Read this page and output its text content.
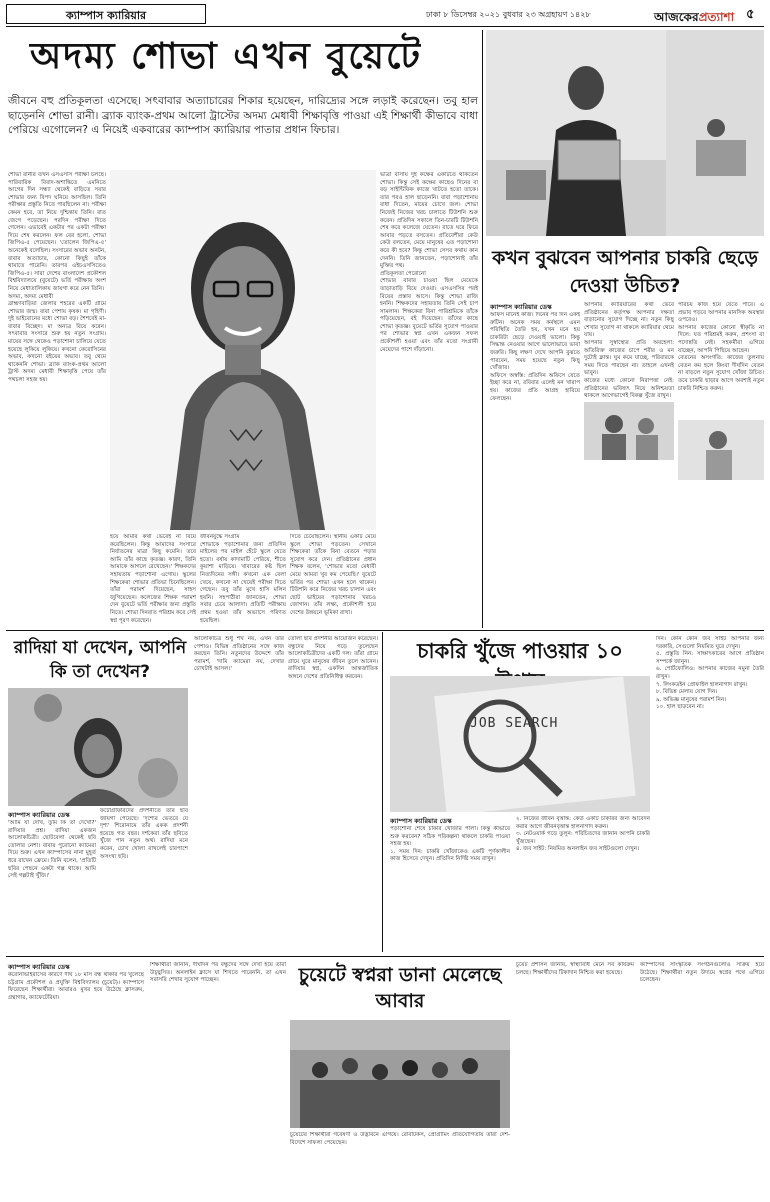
ক্যাম্পাস ক্যারিয়ার	ঢাকা ৮ ডিসেম্বর ২০২১ বুধবার ২৩ অগ্রহায়ণ ১৪২৮	আজকেরপ্রত্যাশা ৫
অদম্য শোভা এখন বুয়েটে
জীবনে বহু প্রতিকূলতা এসেছে। সৎবাবার অত্যাচারের শিকার হয়েছেন, দারিদ্র্যের সঙ্গে লড়াই করেছেন। তবু হাল ছাড়েননি শোভা রানী। ব্র্যাক ব্যাংক-প্রথম আলো ট্রাস্টের অদম্য মেধাবী শিক্ষাবৃত্তি পাওয়া এই শিক্ষার্থী কীভাবে বাধা পেরিয়ে এগোলেন? এ নিয়েই একবারের ক্যাম্পাস ক্যারিয়ার পাতার প্রধান ফিচার।
শোভা রানীর তখন এসএসসি পরীক্ষা চলছে। পারিবারিক বিবাদ-অশান্তিতে এমনিতে আগের দিন সন্ধ্যা থেকেই বাড়িতে সবার শোভার জন্য বিপদ ঘনিয়ে আসছিল। তিনি পরীক্ষার প্রস্তুতি নিতে পারছিলেন না। পরীক্ষা কেমন হবে, তা নিয়ে দুশ্চিন্তায় তিনি। রাত জেগে পড়েছেন। পরদিন পরীক্ষা দিতে গেলেন। এভাবেই একটার পর একটা পরীক্ষা দিয়ে শেষ করলেন। ফল বের হলো, শোভা জিপিএ-৫ পেয়েছেন। 'তোলেন জিপিএ-৫' অনেকেই বলেছিল। সংসারের অভাব অনটন, বাবার অত্যাচার, কোনো কিছুই তাঁকে থামাতে পারেনি। তারপর এইচএসসিতেও জিপিএ-৫। সারা দেশের বাংলাদেশ প্রকৌশল বিশ্ববিদ্যালয়ে (বুয়েটে) ভর্তি পরীক্ষায় অংশ নিয়ে মেধাতালিকায় জায়গা করে নেন তিনি।
অদম্য, অদম্য মেধাবী
ব্রাহ্মণবাড়িয়া জেলার শহরের একটি গ্রামে শোভার জন্ম। বাবা পেশায় কৃষক। মা গৃহিণী। দুই ভাইবোনের মধ্যে শোভা বড়। শৈশবেই মা-বাবার বিচ্ছেদ। মা অন্যত্র বিয়ে করেন। সৎবাবার সংসারে শুরু হয় নতুন সংগ্রাম। মায়ের সঙ্গে থেকেও পড়াশোনা চালিয়ে যেতে হয়েছে লুকিয়ে লুকিয়ে। কখনো কেরোসিনের অভাব, কখনো বইয়ের অভাব। তবু থেমে থাকেননি শোভা। ব্র্যাক ব্যাংক-প্রথম আলো ট্রাস্ট অদম্য মেধাবী শিক্ষাবৃত্তি পেয়ে তাঁর পথচলা সহজ হয়।
ভাত্রা বাসায় দুই কক্ষের একটিতে থাকতেন শোভা। কিন্তু সেই কক্ষের কাছেও দিনের বা বড় সাইন্টিফিক কাজে খাটতে হতো তাকে। তার পরও হাল ছাড়েননি। বাবা পড়াশোনায় বাধা দিতেন, মায়ের চোখে জল। শোভা নিজেই নিজের খরচ চালাতে টিউশনি শুরু করেন। প্রতিদিন সকালে তিন-চারটি টিউশনি শেষ করে কলেজে যেতেন। রাতে ঘরে ফিরে আবার পড়তে বসতেন। প্রতিবেশীরা কেউ কেউ বলতেন, মেয়ে মানুষের এত পড়াশোনা করে কী হবে? কিন্তু শোভা সেসব কথায় কান দেননি। তিনি জানতেন, পড়াশোনাই তাঁর মুক্তির পথ।
প্রতিকূলতা পেরোনো
শোভার বাবার চাওয়া ছিল মেয়েকে তাড়াতাড়ি বিয়ে দেওয়া। এসএসসির পরই বিয়ের প্রস্তাব আসে। কিন্তু শোভা রাজি হননি। শিক্ষকদের সহায়তায় তিনি সেই চাপ সামলান। শিক্ষকেরা বিনা পারিশ্রমিকে তাঁকে পড়িয়েছেন, বই দিয়েছেন। তাঁদের কাছে শোভা কৃতজ্ঞ। বুয়েটে ভর্তির সুযোগ পাওয়ার পর শোভার স্বপ্ন এখন একজন সফল প্রকৌশলী হওয়া এবং তাঁর মতো সংগ্রামী মেয়েদের পাশে দাঁড়ানো।
হয়ে আমার কথা ভেবেই না বিয়ে করেছিলেন। কিন্তু আমাদের সংসারে নির্যাতনের মাত্রা কিছু কমেনি। তবে আমি তাঁর কাছে কৃতজ্ঞ। কারণ, তিনি আমাকে আগলে রেখেছেন।' শিক্ষকদের সহায়তায় পড়াশোনা এগোয়। স্কুলের শিক্ষকেরা শোভার প্রতিভা চিনেছিলেন। তাঁরা পরামর্শ দিয়েছেন, সাহস জুগিয়েছেন। কলেজের শিক্ষক পরামর্শ দেন বুয়েটে ভর্তি পরীক্ষার জন্য প্রস্তুতি নিতে। শোভা দিনরাত পরিশ্রম করে সেই স্বপ্ন পূরণ করেছেন।
জীবনযুদ্ধে সংগ্রাম
শোভাকে পড়াশোনার জন্য প্রতিদিন মাইলের পর মাইল হেঁটে স্কুলে যেতে হতো। বর্ষায় কাদামাটি পেরিয়ে, শীতে কুয়াশা মাড়িয়ে। খাবারের কষ্ট ছিল নিত্যদিনের সঙ্গী। কখনো এক বেলা খেয়ে, কখনো না খেয়েই পরীক্ষা দিতে গেছেন। তবু তাঁর মুখে হাসি মলিন হয়নি। সহপাঠীরা জানতেন, শোভা সবার চেয়ে আলাদা। প্রতিটি পরীক্ষায় প্রথম হওয়া তাঁর অভ্যাসে পরিণত হয়েছিল।
দিতে চেয়েছিলেন। স্থানীয় একটি মেয়ে স্কুলে শোভা পড়তেন। সেখানে শিক্ষকেরা তাঁকে বিনা বেতনে পড়ার সুযোগ করে দেন। প্রতিষ্ঠানের প্রধান শিক্ষক বলেন, 'শোভার মতো মেধাবী মেয়ে আমরা খুব কম পেয়েছি।' বুয়েটে ভর্তির পর শোভা এখন হলে থাকেন। টিউশনি করে নিজের খরচ চালান এবং ছোট ভাইয়ের পড়াশোনার খরচও জোগান। তাঁর লক্ষ্য, প্রকৌশলী হয়ে দেশের উন্নয়নে ভূমিকা রাখা।
কখন বুঝবেন আপনার চাকরি ছেড়ে দেওয়া উচিত?
ক্যাম্পাস ক্যারিয়ার ডেস্ক
অফিস মানেই কাজ। দিনের পর দিন একই রুটিন। অনেক সময় কর্মস্থলে এমন পরিস্থিতি তৈরি হয়, যখন মনে হয় চাকরিটা ছেড়ে দেওয়াই ভালো। কিন্তু সিদ্ধান্ত নেওয়ার আগে ভালোভাবে ভাবা জরুরি। কিছু লক্ষণ দেখে আপনি বুঝতে পারবেন, সময় হয়েছে নতুন কিছু খোঁজার।
অফিসে অস্বস্তি: প্রতিদিন অফিসে যেতে ইচ্ছা করে না, রবিবার এলেই মন খারাপ হয়। কাজের প্রতি আগ্রহ হারিয়ে ফেলছেন।
আপনার ক্যারিয়ারের কথা ভেবে প্রতিষ্ঠানের কর্তৃপক্ষ আপনার দক্ষতা বাড়ানোর সুযোগ দিচ্ছে না। নতুন কিছু শেখার সুযোগ না থাকলে ক্যারিয়ার থেমে যায়।
আপনার সুস্বাস্থ্যের প্রতি অবহেলা: অতিরিক্ত কাজের চাপে শরীর ও মন দুটোই ক্লান্ত। ঘুম কমে যাচ্ছে, পরিবারকে সময় দিতে পারছেন না। তাহলে এখনই ভাবুন।
কাজের মধ্যে কোনো নিরাপত্তা নেই: প্রতিষ্ঠানের ভবিষ্যৎ নিয়ে অনিশ্চয়তা থাকলে আগেভাগেই বিকল্প খুঁজে রাখুন।
পরিচয় কাজ হয়ে যেতে পারে। এ প্রভাব পড়বে আপনার মানসিক অবস্থার ওপরেও।
আপনার কাজের কোনো স্বীকৃতি না দিলে: যত পরিশ্রমই করুন, প্রশংসা বা পদোন্নতি নেই। সহকর্মীরা এগিয়ে যাচ্ছেন, আপনি পিছিয়ে আছেন।
বেতনের অসংগতি: কাজের তুলনায় বেতন কম হলে কিংবা দীর্ঘদিন বেতন না বাড়লে নতুন সুযোগ খোঁজা উচিত। তবে চাকরি ছাড়ার আগে অবশ্যই নতুন চাকরি নিশ্চিত করুন।
রাদিয়া যা দেখেন, আপনি কি তা দেখেন?
ক্যাম্পাস ক্যারিয়ার ডেস্ক
'আমি যা দেখি, তুমি কি তা দেখো?' রাদিয়ার প্রশ্ন। রাদিয়া একজন আলোকচিত্রী। ছোটবেলা থেকেই ছবি তোলার নেশা। বাবার পুরোনো ক্যামেরা দিয়ে শুরু। এখন ক্যাম্পাসের নানা মুহূর্ত ধরে রাখেন ফ্রেমে। তিনি বলেন, 'প্রতিটি ছবির পেছনে একটা গল্প থাকে। আমি সেই গল্পটাই খুঁজি।'
ফটোগ্রাফারদের প্রদর্শনীতে তাঁর ছবি জায়গা পেয়েছে। 'দৃশ্যের ভেতরে যে দৃশ্য' শিরোনামে তাঁর একক প্রদর্শনী হয়েছে গত বছর। দর্শকেরা তাঁর ছবিতে খুঁজে পান নতুন অর্থ। রাদিয়া মনে করেন, চোখ খোলা রাখলেই চারপাশে অসংখ্য ছবি।
আলোকচিত্র শুধু শখ নয়, এখন তাঁর পেশাও। বিভিন্ন প্রতিষ্ঠানের সঙ্গে কাজ করছেন তিনি। নতুনদের উদ্দেশে তাঁর পরামর্শ, 'দামি ক্যামেরা নয়, দেখার চোখটাই আসল।'
তোলা ছবি প্রদর্শনীর আয়োজন করেছেন। বন্ধুদের নিয়ে গড়ে তুলেছেন আলোকচিত্রীদের একটি দল। তাঁরা গ্রামে গ্রামে ঘুরে মানুষের জীবন তুলে আনেন। রাদিয়ার স্বপ্ন, একদিন আন্তর্জাতিক অঙ্গনে দেশের প্রতিনিধিত্ব করবেন।
চাকরি খুঁজে পাওয়ার ১০
JOB SEARCH
ক্যাম্পাস ক্যারিয়ার ডেস্ক
পড়াশোনা শেষে চাকরি খোঁজার পালা। কিন্তু কীভাবে শুরু করবেন? সঠিক পরিকল্পনা থাকলে চাকরি পাওয়া সহজ হয়।
১. সময় দিন: চাকরি খোঁজাকেও একটি পূর্ণকালীন কাজ হিসেবে দেখুন। প্রতিদিন নির্দিষ্ট সময় রাখুন।
২. নিজের জীবন বৃত্তান্ত: কেউ একটি চাকরির জন্য আবেদন করার আগে জীবনবৃত্তান্ত হালনাগাদ করুন।
৩. নেটওয়ার্ক গড়ে তুলুন: পরিচিতদের জানান আপনি চাকরি খুঁজছেন।
৪. জব সাইট: নিয়মিত অনলাইন জব সাইটগুলো দেখুন।
দিন। কোন কোন জব সাইট আপনার জন্য দরকারি, সেগুলো নিয়মিত ঘুরে দেখুন।
৫. প্রস্তুতি নিন: সাক্ষাৎকারের আগে প্রতিষ্ঠান সম্পর্কে জানুন।
৬. পোর্টফোলিও: আপনার কাজের নমুনা তৈরি রাখুন।
৭. লিংকডইন প্রোফাইল হালনাগাদ রাখুন।
৮. বিভিন্ন মেলায় যোগ দিন।
৯. অভিজ্ঞ মানুষের পরামর্শ নিন।
১০. হাল ছাড়বেন না।
ক্যাম্পাস ক্যারিয়ার ডেস্ক
করোনাভাইরাসের কারণে দীর্ঘ ১৮ মাস বন্ধ থাকার পর খুলেছে চট্টগ্রাম প্রকৌশল ও প্রযুক্তি বিশ্ববিদ্যালয় (চুয়েট)। ক্যাম্পাসে ফিরেছেন শিক্ষার্থীরা। আবারও মুখর হয়ে উঠেছে ক্লাসরুম, গ্রন্থাগার, ক্যাফেটেরিয়া।
শিক্ষার্থীরা জানান, দীর্ঘদিন পর বন্ধুদের সঙ্গে দেখা হয়ে তাঁরা উচ্ছ্বসিত। অনলাইন ক্লাসে যা শিখতে পারেননি, তা এখন সরাসরি শেখার সুযোগ পাচ্ছেন।	চুয়েটে স্বপ্নরা ডানা মেলেছে আবার
চুয়েটের শিক্ষার্থীরা গবেষণা ও উদ্ভাবনে এগিয়ে। রোবটিকস, প্রোগ্রামিং প্রতিযোগিতায় তাঁরা দেশ-বিদেশে সাফল্য পেয়েছেন।
চুয়েট প্রশাসন জানায়, স্বাস্থ্যবিধি মেনে সব কার্যক্রম চলছে। শিক্ষার্থীদের টিকাদান নিশ্চিত করা হয়েছে।
ক্যাম্পাসের সাংস্কৃতিক সংগঠনগুলোও সক্রিয় হয়ে উঠেছে। শিক্ষার্থীরা নতুন উদ্যমে স্বপ্নের পথে এগিয়ে চলেছেন।
